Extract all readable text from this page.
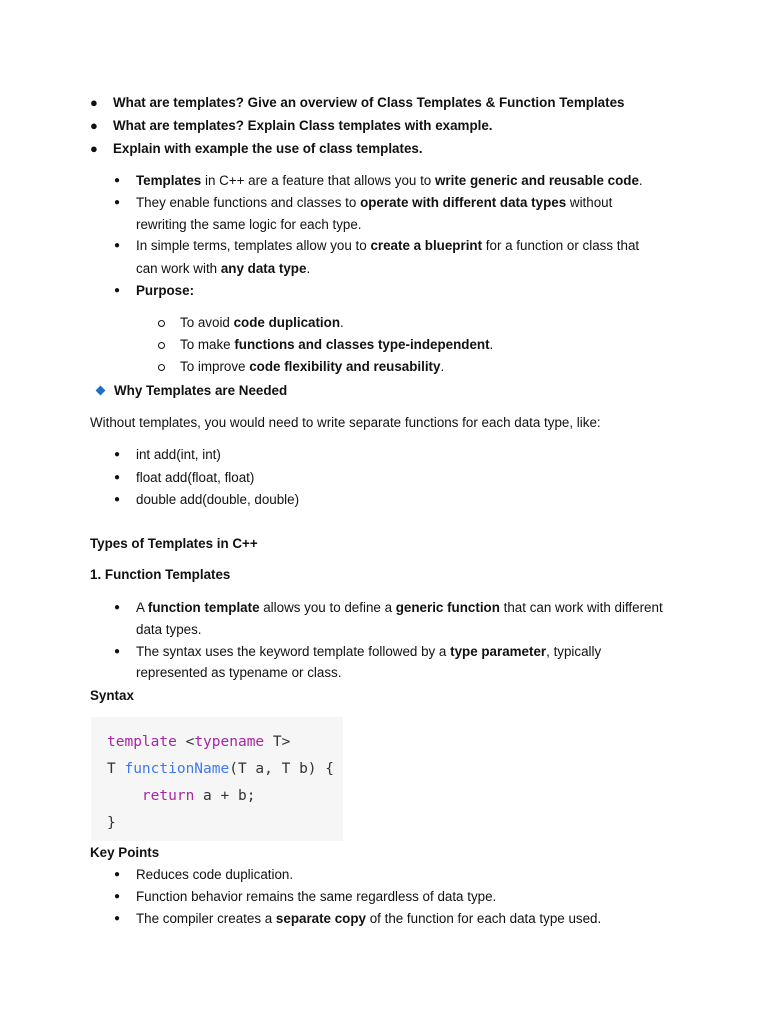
● What are templates? Give an overview of Class Templates & Function Templates
● What are templates? Explain Class templates with example.
● Explain with example the use of class templates.
● Templates in C++ are a feature that allows you to write generic and reusable code.
● They enable functions and classes to operate with different data types without
rewriting the same logic for each type.
● In simple terms, templates allow you to create a blueprint for a function or class that
can work with any data type.
● Purpose:
To avoid code duplication.
To make functions and classes type-independent.
To improve code flexibility and reusability.
Why Templates are Needed
Without templates, you would need to write separate functions for each data type, like:
● int add(int, int)
● float add(float, float)
● double add(double, double)
Types of Templates in C++
1. Function Templates
● A function template allows you to define a generic function that can work with different
data types.
● The syntax uses the keyword template followed by a type parameter, typically
represented as typename or class.
Syntax
template <typename T>
T functionName(T a, T b) {
return a + b;
}
Key Points
● Reduces code duplication.
● Function behavior remains the same regardless of data type.
● The compiler creates a separate copy of the function for each data type used.
